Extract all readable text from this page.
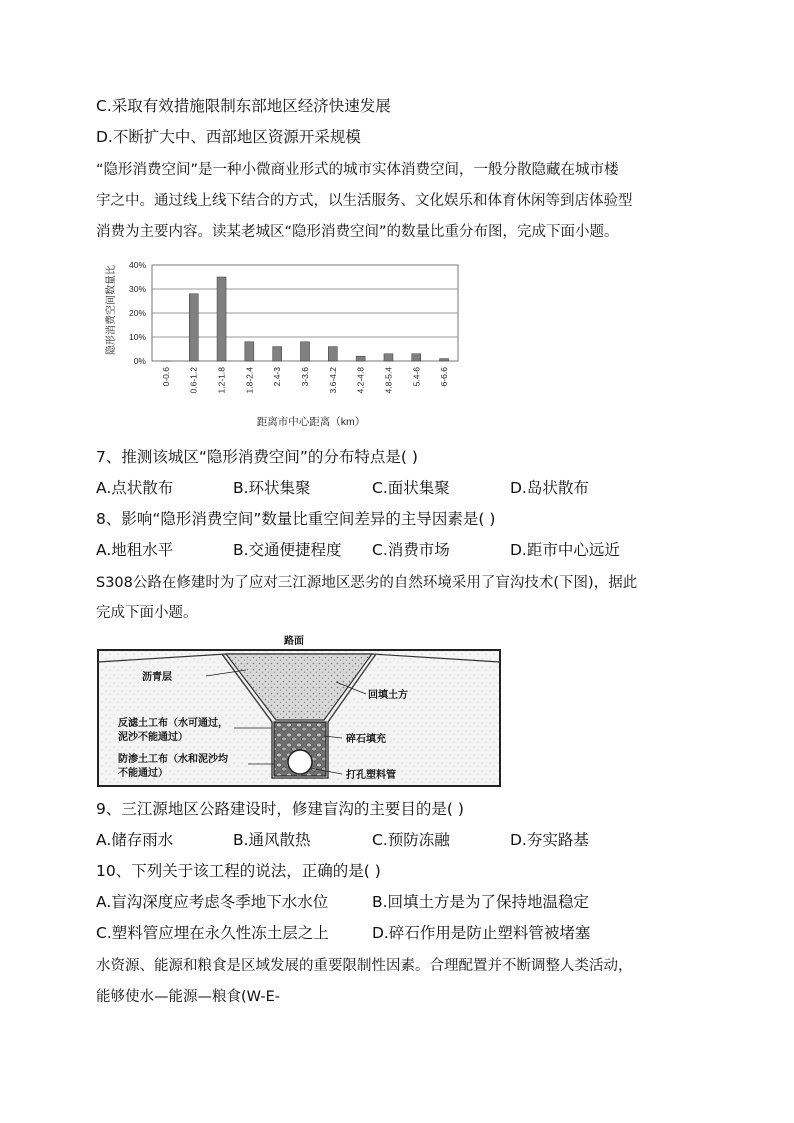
C.采取有效措施限制东部地区经济快速发展
D.不断扩大中、西部地区资源开采规模
“隐形消费空间”是一种小微商业形式的城市实体消费空间，一般分散隐藏在城市楼
宇之中。通过线上线下结合的方式，以生活服务、文化娱乐和体育休闲等到店体验型
消费为主要内容。读某老城区“隐形消费空间”的数量比重分布图，完成下面小题。
0%
10%
20%
30%
40%
0-0.6 0.6-1.2 1.2-1.8 1.8-2.4 2.4-3 3-3.6 3.6-4.2 4.2-4.8 4.8-5.4 5.4-6 6-6.6
隐形消费空间数量比
距离市中心距离（km）
7、推测该城区“隐形消费空间”的分布特点是( )
A.点状散布	B.环状集聚	C.面状集聚	D.岛状散布
8、影响“隐形消费空间”数量比重空间差异的主导因素是( )
A.地租水平	B.交通便捷程度 C.消费市场	D.距市中心远近
S308公路在修建时为了应对三江源地区恶劣的自然环境采用了盲沟技术(下图)，据此
完成下面小题。
路面
沥青层
回填土方
反滤土工布（水可通过，
泥沙不能通过）	碎石填充
防渗土工布（水和泥沙均
不能通过）	打孔塑料管
9、三江源地区公路建设时，修建盲沟的主要目的是( )
A.储存雨水	B.通风散热	C.预防冻融	D.夯实路基
10、下列关于该工程的说法，正确的是( )
A.盲沟深度应考虑冬季地下水水位	B.回填土方是为了保持地温稳定
C.塑料管应埋在永久性冻土层之上	D.碎石作用是防止塑料管被堵塞
水资源、能源和粮食是区域发展的重要限制性因素。合理配置并不断调整人类活动，
能够使水—能源—粮食(W-E-
